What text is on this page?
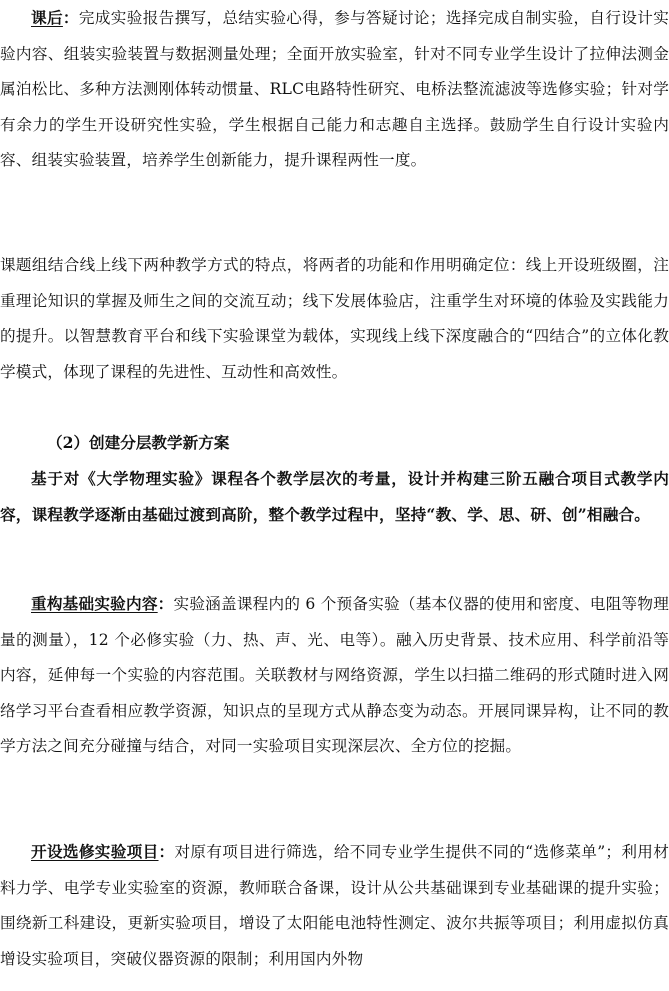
课后：完成实验报告撰写，总结实验心得，参与答疑讨论；选择完成自制实验，自行设计实验内容、组装实验装置与数据测量处理；全面开放实验室，针对不同专业学生设计了拉伸法测金属泊松比、多种方法测刚体转动惯量、RLC电路特性研究、电桥法整流滤波等选修实验；针对学有余力的学生开设研究性实验，学生根据自己能力和志趣自主选择。鼓励学生自行设计实验内容、组装实验装置，培养学生创新能力，提升课程两性一度。

课题组结合线上线下两种教学方式的特点，将两者的功能和作用明确定位：线上开设班级圈，注重理论知识的掌握及师生之间的交流互动；线下发展体验店，注重学生对环境的体验及实践能力的提升。以智慧教育平台和线下实验课堂为载体，实现线上线下深度融合的“四结合”的立体化教学模式，体现了课程的先进性、互动性和高效性。

（2）创建分层教学新方案

基于对《大学物理实验》课程各个教学层次的考量，设计并构建三阶五融合项目式教学内容，课程教学逐渐由基础过渡到高阶，整个教学过程中，坚持“教、学、思、研、创”相融合。

重构基础实验内容：实验涵盖课程内的 6 个预备实验（基本仪器的使用和密度、电阻等物理量的测量），12 个必修实验（力、热、声、光、电等）。融入历史背景、技术应用、科学前沿等内容，延伸每一个实验的内容范围。关联教材与网络资源，学生以扫描二维码的形式随时进入网络学习平台查看相应教学资源，知识点的呈现方式从静态变为动态。开展同课异构，让不同的教学方法之间充分碰撞与结合，对同一实验项目实现深层次、全方位的挖掘。

开设选修实验项目：对原有项目进行筛选，给不同专业学生提供不同的“选修菜单”；利用材料力学、电学专业实验室的资源，教师联合备课，设计从公共基础课到专业基础课的提升实验；围绕新工科建设，更新实验项目，增设了太阳能电池特性测定、波尔共振等项目；利用虚拟仿真增设实验项目，突破仪器资源的限制；利用国内外物
